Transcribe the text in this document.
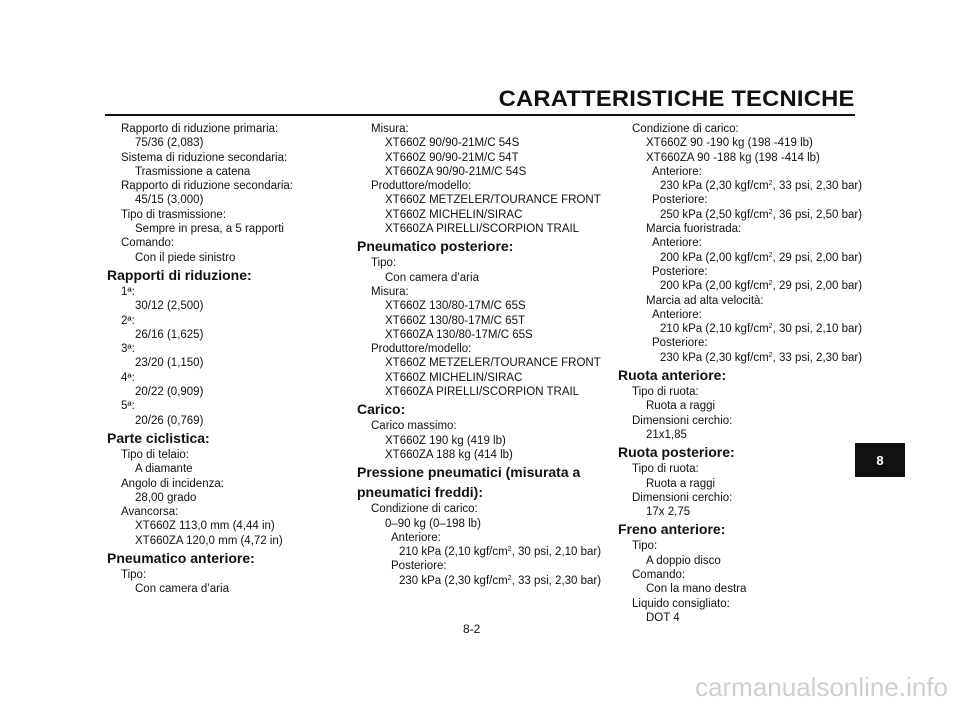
CARATTERISTICHE TECNICHE
Rapporto di riduzione primaria:
75/36 (2,083)
Sistema di riduzione secondaria:
Trasmissione a catena
Rapporto di riduzione secondaria:
45/15 (3,000)
Tipo di trasmissione:
Sempre in presa, a 5 rapporti
Comando:
Con il piede sinistro
Rapporti di riduzione:
1ª:
30/12 (2,500)
2ª:
26/16 (1,625)
3ª:
23/20 (1,150)
4ª:
20/22 (0,909)
5ª:
20/26 (0,769)
Parte ciclistica:
Tipo di telaio:
A diamante
Angolo di incidenza:
28,00 grado
Avancorsa:
XT660Z 113,0 mm (4,44 in)
XT660ZA 120,0 mm (4,72 in)
Pneumatico anteriore:
Tipo:
Con camera d’aria
Misura:
XT660Z 90/90-21M/C 54S
XT660Z 90/90-21M/C 54T
XT660ZA 90/90-21M/C 54S
Produttore/modello:
XT660Z METZELER/TOURANCE FRONT
XT660Z MICHELIN/SIRAC
XT660ZA PIRELLI/SCORPION TRAIL
Pneumatico posteriore:
Tipo:
Con camera d’aria
Misura:
XT660Z 130/80-17M/C 65S
XT660Z 130/80-17M/C 65T
XT660ZA 130/80-17M/C 65S
Produttore/modello:
XT660Z METZELER/TOURANCE FRONT
XT660Z MICHELIN/SIRAC
XT660ZA PIRELLI/SCORPION TRAIL
Carico:
Carico massimo:
XT660Z 190 kg (419 lb)
XT660ZA 188 kg (414 lb)
Pressione pneumatici (misurata a
pneumatici freddi):
Condizione di carico:
0–90 kg (0–198 lb)
Anteriore:
210 kPa (2,10 kgf/$cm^2$, 30 psi, 2,10 bar)
Posteriore:
230 kPa (2,30 kgf/$cm^2$, 33 psi, 2,30 bar)
Condizione di carico:
XT660Z 90 -190 kg (198 -419 lb)
XT660ZA 90 -188 kg (198 -414 lb)
Anteriore:
230 kPa (2,30 kgf/$cm^2$, 33 psi, 2,30 bar)
Posteriore:
250 kPa (2,50 kgf/$cm^2$, 36 psi, 2,50 bar)
Marcia fuoristrada:
Anteriore:
200 kPa (2,00 kgf/$cm^2$, 29 psi, 2,00 bar)
Posteriore:
200 kPa (2,00 kgf/$cm^2$, 29 psi, 2,00 bar)
Marcia ad alta velocità:
Anteriore:
210 kPa (2,10 kgf/$cm^2$, 30 psi, 2,10 bar)
Posteriore:
230 kPa (2,30 kgf/$cm^2$, 33 psi, 2,30 bar)
Ruota anteriore:
Tipo di ruota:
Ruota a raggi
Dimensioni cerchio:
21x1,85
Ruota posteriore:
Tipo di ruota:
Ruota a raggi
Dimensioni cerchio:
17x 2,75
Freno anteriore:
Tipo:
A doppio disco
Comando:
Con la mano destra
Liquido consigliato:
DOT 4
8-2
8
carmanualsonline.info
